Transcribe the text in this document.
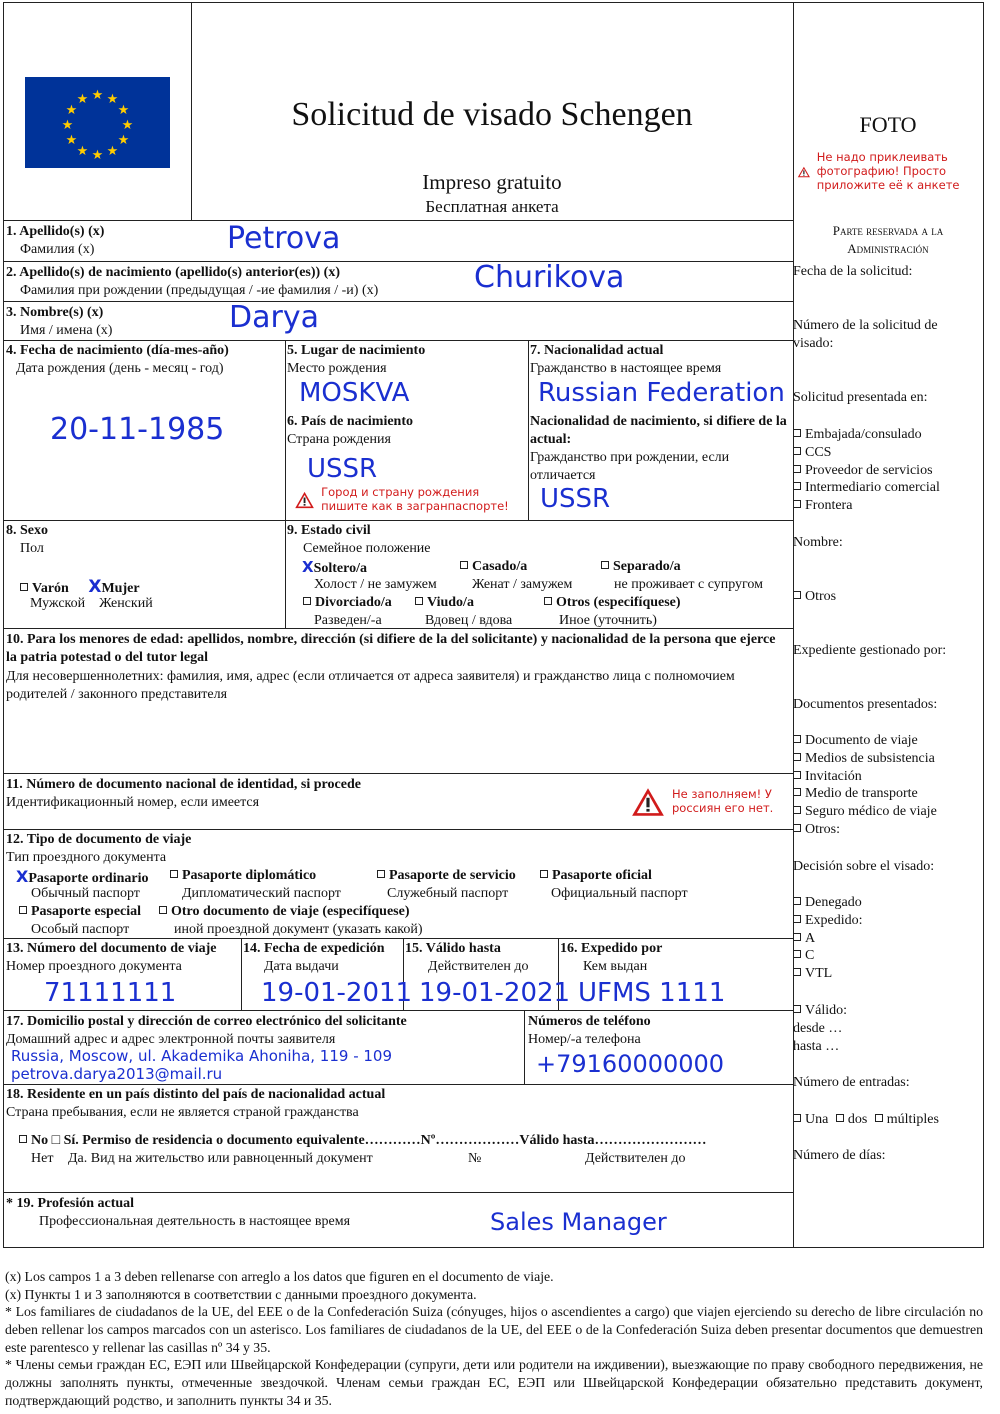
★ ★
★
★
★
★
★
★
★
★
★
★	Solicitud de visado Schengen
Impreso gratuito
Бесплатная анкета
FOTO
Не надо приклеивать фотографию! Просто приложите её к анкете
Parte reservada a la
Administración
Fecha de la solicitud:
Número de la solicitud de
visado:
Solicitud presentada en:
Embajada/consulado
CCS
Proveedor de servicios
Intermediario comercial
Frontera
Nombre:
Otros
Expediente gestionado por:
Documentos presentados:
Documento de viaje
Medios de subsistencia
Invitación
Medio de transporte
Seguro médico de viaje
Otros:
Decisión sobre el visado:
Denegado
Expedido:
A
C
VTL
Válido:
desde …
hasta …
Número de entradas:
Una dos múltiples
Número de días:
1. Apellido(s) (x)
Фамилия (x)	Petrova
2. Apellido(s) de nacimiento (apellido(s) anterior(es)) (x)
Фамилия при рождении (предыдущая / -ие фамилия / -и) (x)	Churikova
3. Nombre(s) (x)
Имя / имена (x)	Darya
4. Fecha de nacimiento (día-mes-año)
Дата рождения (день - месяц - год)
20-11-1985
5. Lugar de nacimiento
Место рождения
MOSKVA
6. País de nacimiento
Страна рождения
USSR
Город и страну рождения пишите как в загранпаспорте!
7. Nacionalidad actual
Гражданство в настоящее время
Russian Federation
Nacionalidad de nacimiento, si difiere de la actual:
Гражданство при рождении, если отличается
USSR
8. Sexo
Пол
Varón XMujer
Мужской Женский
9. Estado civil
Семейное положение
XSoltero/a	Casado/a	Separado/a
Холост / не замужем	Женат / замужем	не проживает с супругом
Divorciado/a	Viudo/a	Otros (especifíquese)
Разведен/-а	Вдовец / вдова	Иное (уточнить)
10. Para los menores de edad: apellidos, nombre, dirección (si difiere de la del solicitante) y nacionalidad de la persona que ejerce la patria potestad o del tutor legal
Для несовершеннолетних: фамилия, имя, адрес (если отличается от адреса заявителя) и гражданство лица с полномочием родителей / законного представителя
11. Número de documento nacional de identidad, si procede
Идентификационный номер, если имеется
Не заполняем! У россиян его нет.
12. Tipo de documento de viaje
Тип проездного документа
XPasaporte ordinario	Pasaporte diplomático	Pasaporte de servicio	Pasaporte oficial
Обычный паспорт	Дипломатический паспорт	Служебный паспорт	Официальный паспорт
Pasaporte especial	Otro documento de viaje (especifíquese)
Особый паспорт	иной проездной документ (указать какой)
13. Número del documento de viaje
Номер проездного документа
71111111
14. Fecha de expedición
Дата выдачи
19-01-2011
15. Válido hasta
Действителен до
19-01-2021
16. Expedido por
Кем выдан
UFMS 1111
17. Domicilio postal y dirección de correo electrónico del solicitante
Домашний адрес и адрес электронной почты заявителя
Russia, Moscow, ul. Akademika Ahoniha, 119 - 109
petrova.darya2013@mail.ru
Números de teléfono
Номер/-а телефона
+79160000000
18. Residente en un país distinto del país de nacionalidad actual
Страна пребывания, если не является страной гражданства
No □ Sí. Permiso de residencia o documento equivalente…………Nº………………Válido hasta……………………
Нет Да. Вид на жительство или равноценный документ	№	Действителен до
* 19. Profesión actual
Профессиональная деятельность в настоящее время	Sales Manager
(x) Los campos 1 a 3 deben rellenarse con arreglo a los datos que figuren en el documento de viaje.
(x) Пункты 1 и 3 заполняются в соответствии с данными проездного документа.
* Los familiares de ciudadanos de la UE, del EEE o de la Confederación Suiza (cónyuges, hijos o ascendientes a cargo) que viajen ejerciendo su derecho de libre circulación no deben rellenar los campos marcados con un asterisco. Los familiares de ciudadanos de la UE, del EEE o de la Confederación Suiza deben presentar documentos que demuestren este parentesco y rellenar las casillas nº 34 y 35.
* Члены семьи граждан ЕС, ЕЭП или Швейцарской Конфедерации (супруги, дети или родители на иждивении), выезжающие по праву свободного передвижения, не должны заполнять пункты, отмеченные звездочкой. Членам семьи граждан ЕС, ЕЭП или Швейцарской Конфедерации обязательно представить документ, подтверждающий родство, и заполнить пункты 34 и 35.
